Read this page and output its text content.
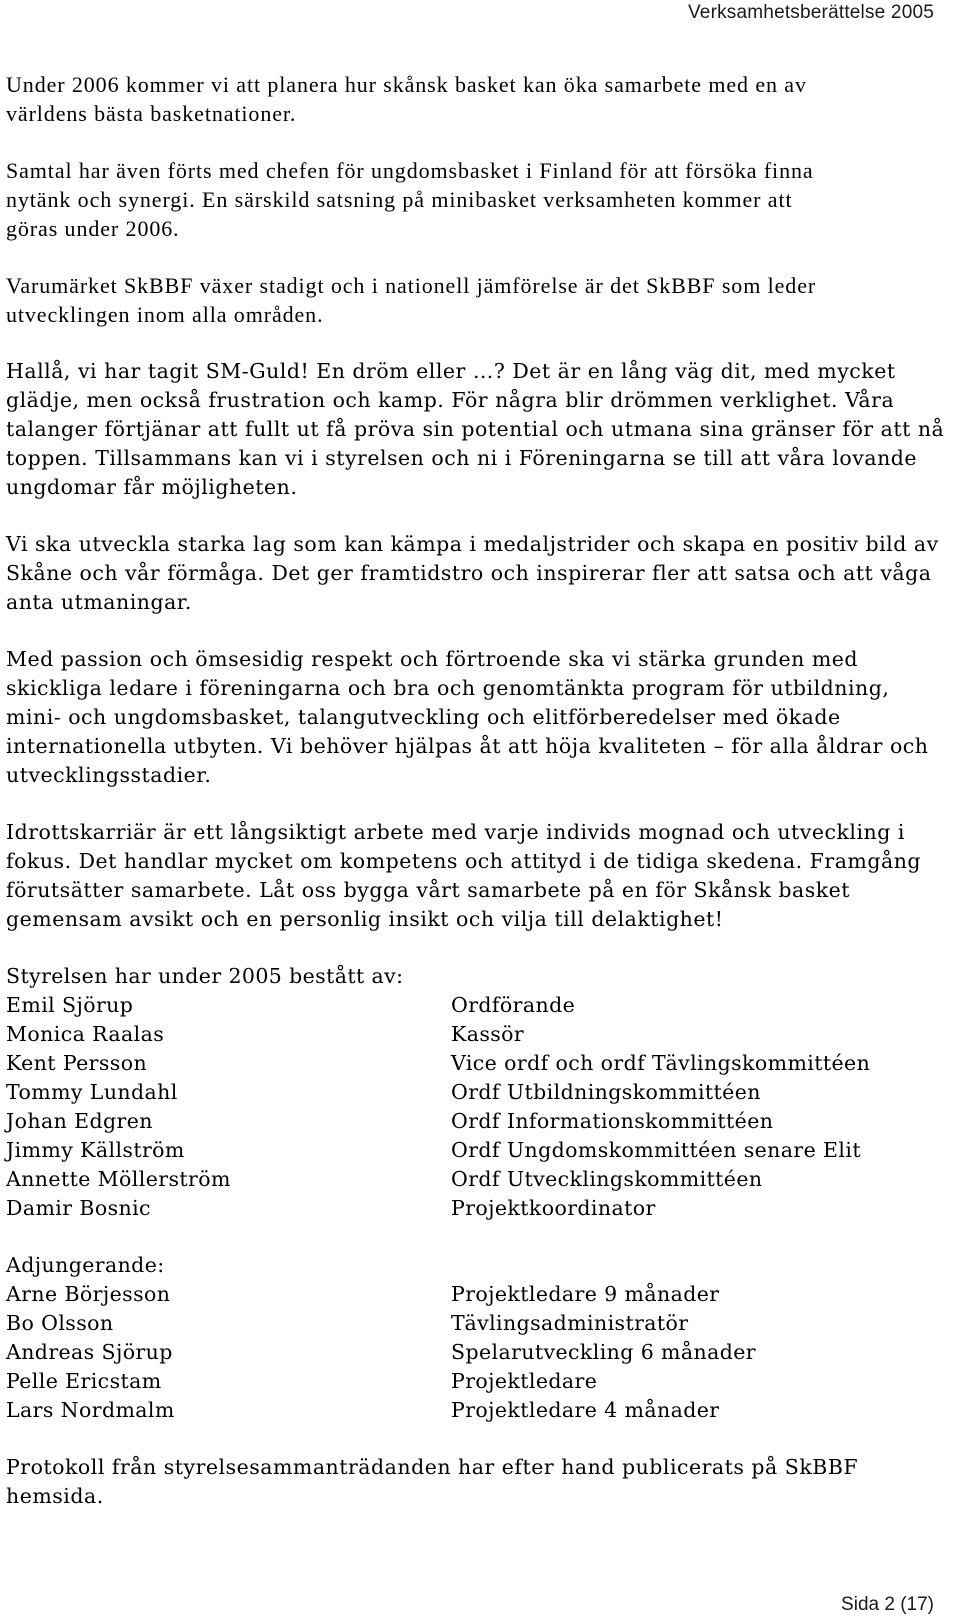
Verksamhetsberättelse 2005

Under 2006 kommer vi att planera hur skånsk basket kan öka samarbete med en av
världens bästa basketnationer.

Samtal har även förts med chefen för ungdomsbasket i Finland för att försöka finna
nytänk och synergi. En särskild satsning på minibasket verksamheten kommer att
göras under 2006.

Varumärket SkBBF växer stadigt och i nationell jämförelse är det SkBBF som leder
utvecklingen inom alla områden.

Hallå, vi har tagit SM-Guld! En dröm eller …? Det är en lång väg dit, med mycket
glädje, men också frustration och kamp. För några blir drömmen verklighet. Våra
talanger förtjänar att fullt ut få pröva sin potential och utmana sina gränser för att nå
toppen. Tillsammans kan vi i styrelsen och ni i Föreningarna se till att våra lovande
ungdomar får möjligheten.

Vi ska utveckla starka lag som kan kämpa i medaljstrider och skapa en positiv bild av
Skåne och vår förmåga. Det ger framtidstro och inspirerar fler att satsa och att våga
anta utmaningar.

Med passion och ömsesidig respekt och förtroende ska vi stärka grunden med
skickliga ledare i föreningarna och bra och genomtänkta program för utbildning,
mini- och ungdomsbasket, talangutveckling och elitförberedelser med ökade
internationella utbyten. Vi behöver hjälpas åt att höja kvaliteten – för alla åldrar och
utvecklingsstadier.

Idrottskarriär är ett långsiktigt arbete med varje individs mognad och utveckling i
fokus. Det handlar mycket om kompetens och attityd i de tidiga skedena. Framgång
förutsätter samarbete. Låt oss bygga vårt samarbete på en för Skånsk basket
gemensam avsikt och en personlig insikt och vilja till delaktighet!

Styrelsen har under 2005 bestått av:
Emil Sjörup	Ordförande
Monica Raalas	Kassör
Kent Persson	Vice ordf och ordf Tävlingskommittéen
Tommy Lundahl	Ordf Utbildningskommittéen
Johan Edgren	Ordf Informationskommittéen
Jimmy Källström	Ordf Ungdomskommittéen senare Elit
Annette Möllerström	Ordf Utvecklingskommittéen
Damir Bosnic	Projektkoordinator
Adjungerande:
Arne Börjesson	Projektledare 9 månader
Bo Olsson	Tävlingsadministratör
Andreas Sjörup	Spelarutveckling 6 månader
Pelle Ericstam	Projektledare
Lars Nordmalm	Projektledare 4 månader

Protokoll från styrelsesammanträdanden har efter hand publicerats på SkBBF
hemsida.

Sida 2 (17)
